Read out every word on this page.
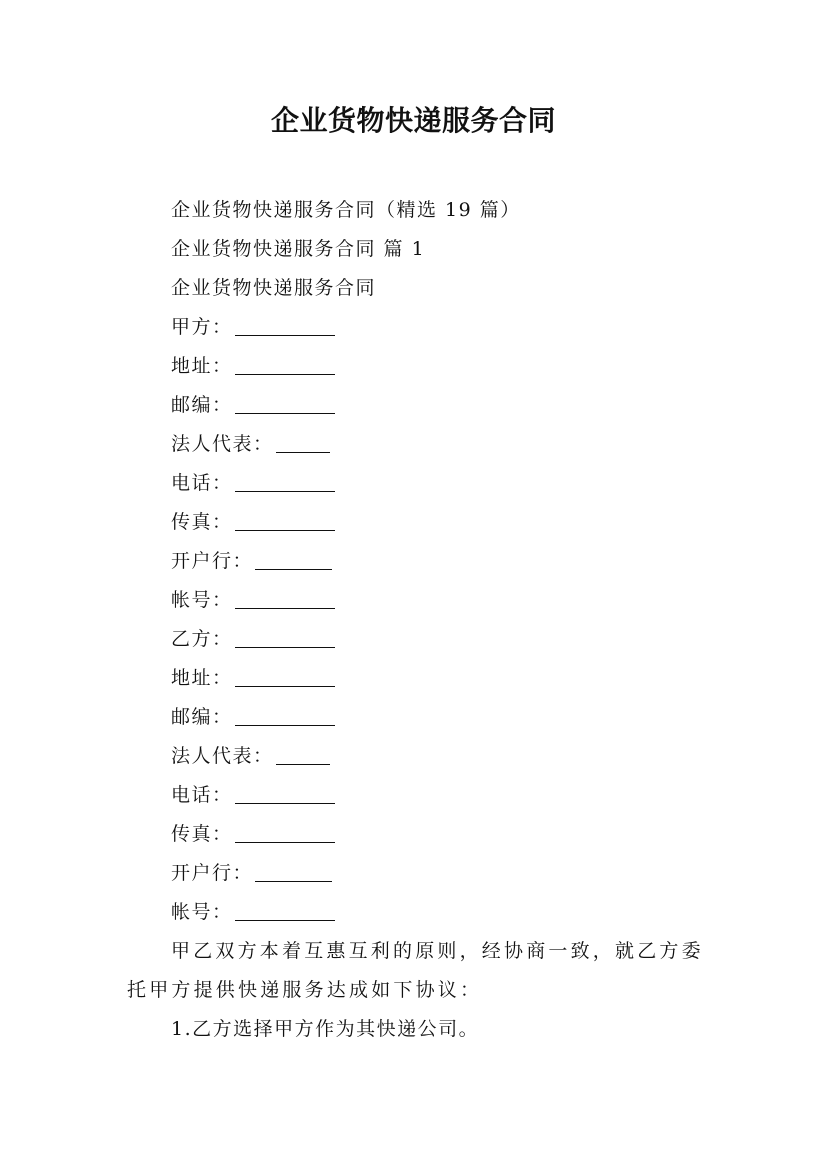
企业货物快递服务合同

企业货物快递服务合同（精选 19 篇）

企业货物快递服务合同 篇 1

企业货物快递服务合同

甲方：

地址：

邮编：

法人代表：

电话：

传真：

开户行：

帐号：

乙方：

地址：

邮编：

法人代表：

电话：

传真：

开户行：

帐号：

甲乙双方本着互惠互利的原则，经协商一致，就乙方委托甲方提供快递服务达成如下协议：

1.乙方选择甲方作为其快递公司。
